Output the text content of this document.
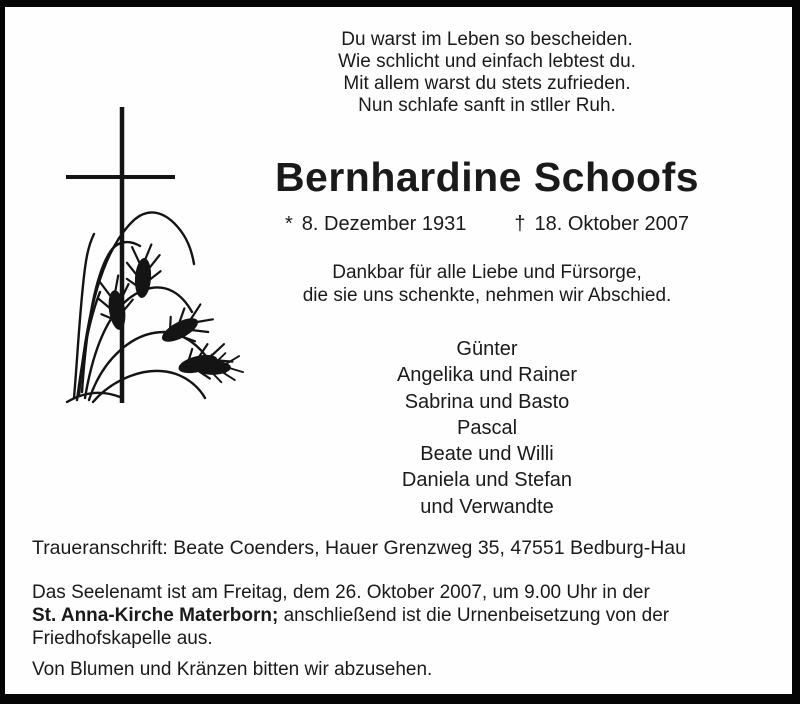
Du warst im Leben so bescheiden.
Wie schlicht und einfach lebtest du.
Mit allem warst du stets zufrieden.
Nun schlafe sanft in stller Ruh.
Bernhardine Schoofs
* 8. Dezember 1931 † 18. Oktober 2007
Dankbar für alle Liebe und Fürsorge,
die sie uns schenkte, nehmen wir Abschied.
Günter
Angelika und Rainer
Sabrina und Basto
Pascal
Beate und Willi
Daniela und Stefan
und Verwandte
Traueranschrift: Beate Coenders, Hauer Grenzweg 35, 47551 Bedburg-Hau
Das Seelenamt ist am Freitag, dem 26. Oktober 2007, um 9.00 Uhr in der
St. Anna-Kirche Materborn; anschließend ist die Urnenbeisetzung von der
Friedhofskapelle aus.
Von Blumen und Kränzen bitten wir abzusehen.
